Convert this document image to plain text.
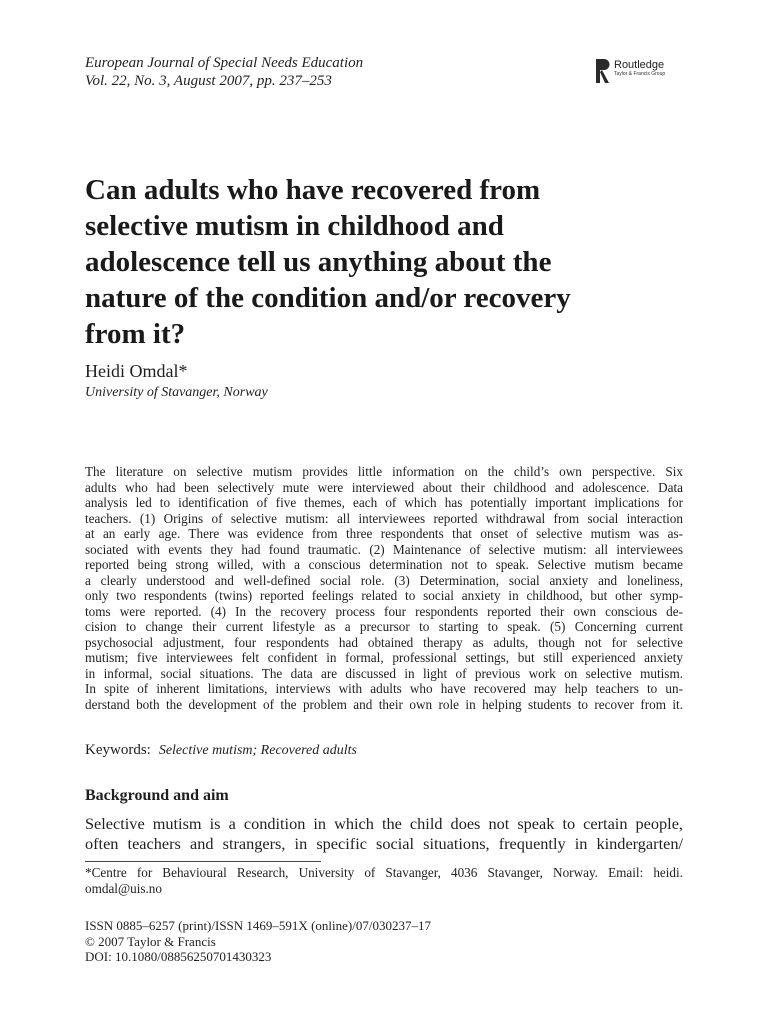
European Journal of Special Needs Education
Vol. 22, No. 3, August 2007, pp. 237–253
Routledge
Taylor & Francis Group
Can adults who have recovered from
selective mutism in childhood and
adolescence tell us anything about the
nature of the condition and/or recovery
from it?
Heidi Omdal*
University of Stavanger, Norway
The literature on selective mutism provides little information on the child’s own perspective. Six
adults who had been selectively mute were interviewed about their childhood and adolescence. Data
analysis led to identification of five themes, each of which has potentially important implications for
teachers. (1) Origins of selective mutism: all interviewees reported withdrawal from social interaction
at an early age. There was evidence from three respondents that onset of selective mutism was as-
sociated with events they had found traumatic. (2) Maintenance of selective mutism: all interviewees
reported being strong willed, with a conscious determination not to speak. Selective mutism became
a clearly understood and well-defined social role. (3) Determination, social anxiety and loneliness,
only two respondents (twins) reported feelings related to social anxiety in childhood, but other symp-
toms were reported. (4) In the recovery process four respondents reported their own conscious de-
cision to change their current lifestyle as a precursor to starting to speak. (5) Concerning current
psychosocial adjustment, four respondents had obtained therapy as adults, though not for selective
mutism; five interviewees felt confident in formal, professional settings, but still experienced anxiety
in informal, social situations. The data are discussed in light of previous work on selective mutism.
In spite of inherent limitations, interviews with adults who have recovered may help teachers to un-
derstand both the development of the problem and their own role in helping students to recover from it.
Keywords: Selective mutism; Recovered adults
Background and aim
Selective mutism is a condition in which the child does not speak to certain people,
often teachers and strangers, in specific social situations, frequently in kindergarten/
*Centre for Behavioural Research, University of Stavanger, 4036 Stavanger, Norway. Email: heidi.
omdal@uis.no
ISSN 0885–6257 (print)/ISSN 1469–591X (online)/07/030237–17
© 2007 Taylor & Francis
DOI: 10.1080/08856250701430323
